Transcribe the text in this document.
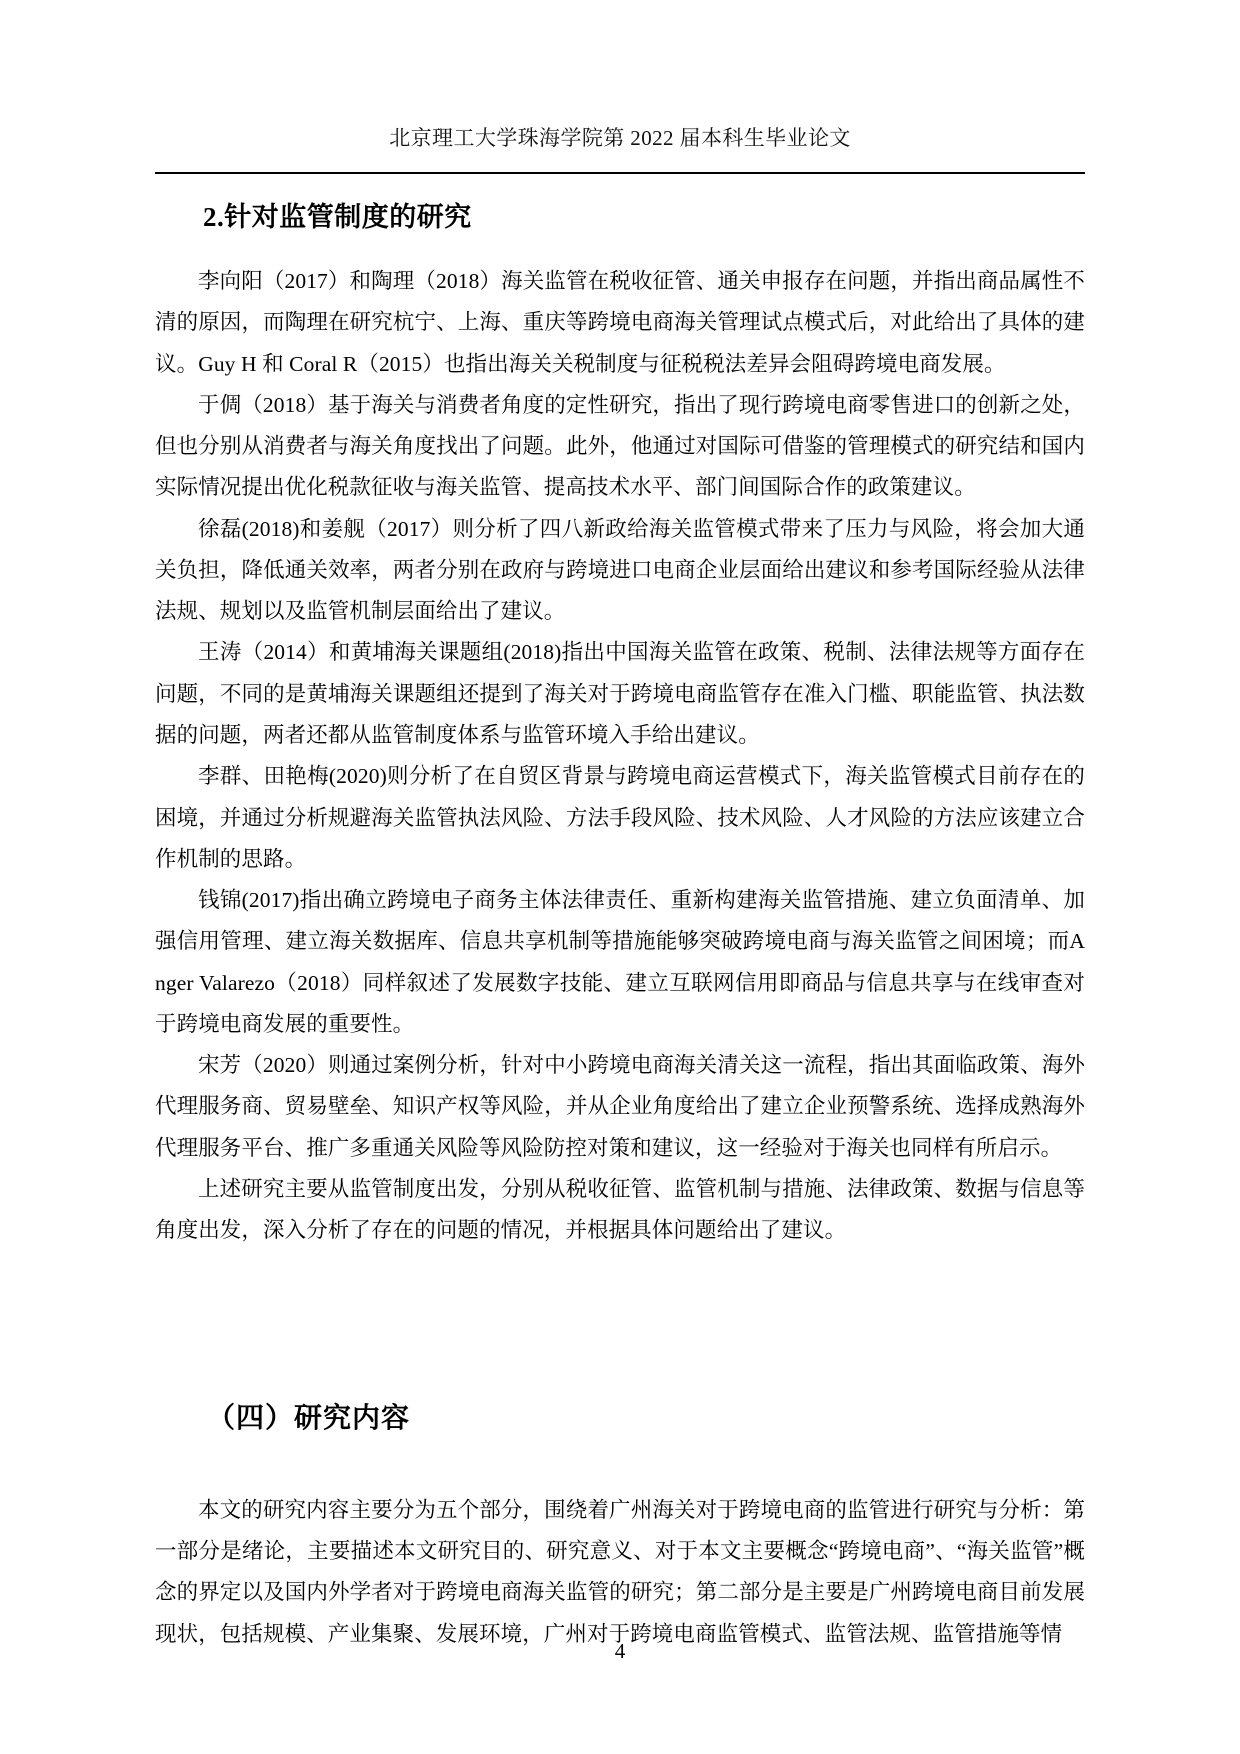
北京理工大学珠海学院第 2022 届本科生毕业论文
2.针对监管制度的研究

李向阳（2017）和陶理（2018）海关监管在税收征管、通关申报存在问题，并指出商品属性不清的原因，而陶理在研究杭宁、上海、重庆等跨境电商海关管理试点模式后，对此给出了具体的建议。Guy H 和 Coral R（2015）也指出海关关税制度与征税税法差异会阻碍跨境电商发展。

于倜（2018）基于海关与消费者角度的定性研究，指出了现行跨境电商零售进口的创新之处，但也分别从消费者与海关角度找出了问题。此外，他通过对国际可借鉴的管理模式的研究结和国内实际情况提出优化税款征收与海关监管、提高技术水平、部门间国际合作的政策建议。

徐磊(2018)和姜舰（2017）则分析了四八新政给海关监管模式带来了压力与风险，将会加大通关负担，降低通关效率，两者分别在政府与跨境进口电商企业层面给出建议和参考国际经验从法律法规、规划以及监管机制层面给出了建议。

王涛（2014）和黄埔海关课题组(2018)指出中国海关监管在政策、税制、法律法规等方面存在问题，不同的是黄埔海关课题组还提到了海关对于跨境电商监管存在准入门槛、职能监管、执法数据的问题，两者还都从监管制度体系与监管环境入手给出建议。

李群、田艳梅(2020)则分析了在自贸区背景与跨境电商运营模式下，海关监管模式目前存在的困境，并通过分析规避海关监管执法风险、方法手段风险、技术风险、人才风险的方法应该建立合作机制的思路。

钱锦(2017)指出确立跨境电子商务主体法律责任、重新构建海关监管措施、建立负面清单、加强信用管理、建立海关数据库、信息共享机制等措施能够突破跨境电商与海关监管之间困境；而Anger Valarezo（2018）同样叙述了发展数字技能、建立互联网信用即商品与信息共享与在线审查对于跨境电商发展的重要性。

宋芳（2020）则通过案例分析，针对中小跨境电商海关清关这一流程，指出其面临政策、海外代理服务商、贸易壁垒、知识产权等风险，并从企业角度给出了建立企业预警系统、选择成熟海外代理服务平台、推广多重通关风险等风险防控对策和建议，这一经验对于海关也同样有所启示。

上述研究主要从监管制度出发，分别从税收征管、监管机制与措施、法律政策、数据与信息等角度出发，深入分析了存在的问题的情况，并根据具体问题给出了建议。

（四）研究内容

本文的研究内容主要分为五个部分，围绕着广州海关对于跨境电商的监管进行研究与分析：第一部分是绪论，主要描述本文研究目的、研究意义、对于本文主要概念“跨境电商”、“海关监管”概念的界定以及国内外学者对于跨境电商海关监管的研究；第二部分是主要是广州跨境电商目前发展现状，包括规模、产业集聚、发展环境，广州对于跨境电商监管模式、监管法规、监管措施等情

4
